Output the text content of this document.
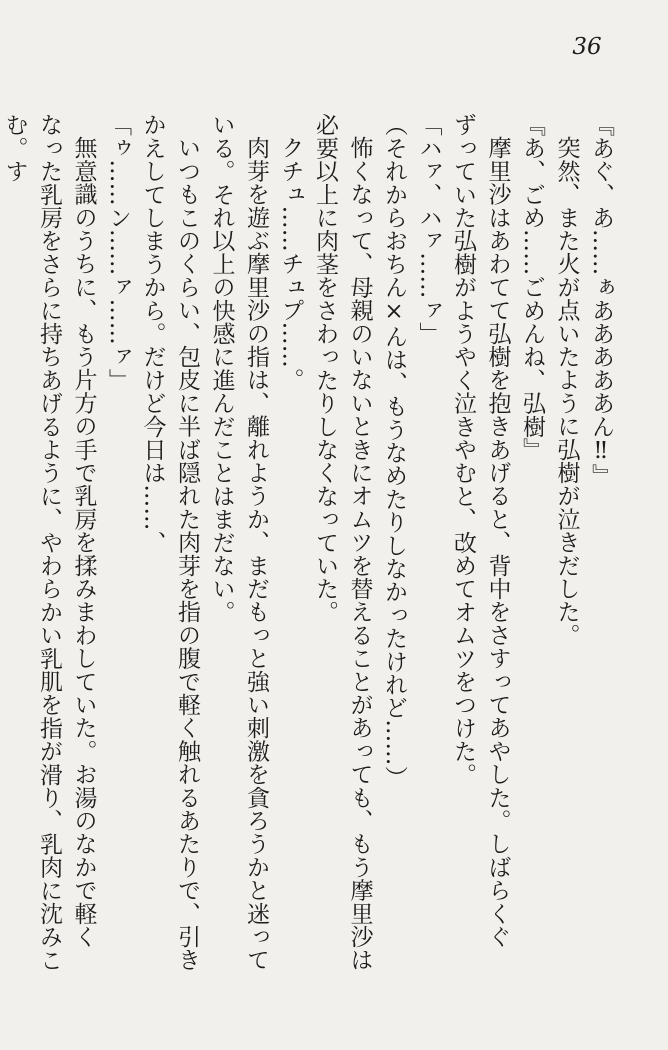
36

『あぐ、あ……ぁあああああん‼』

突然、また火が点いたように弘樹が泣きだした。

『あ、ごめ……ごめんね、弘樹』

摩里沙はあわてて弘樹を抱きあげると、背中をさすってあやした。しばらくぐずっていた弘樹がようやく泣きやむと、改めてオムツをつけた。

「ハァ、ハァ……ァ」

（それからおちん×んは、もうなめたりしなかったけれど……）

怖くなって、母親のいないときにオムツを替えることがあっても、もう摩里沙は必要以上に肉茎をさわったりしなくなっていた。

クチュ……チュプ……。

肉芽を遊ぶ摩里沙の指は、離れようか、まだもっと強い刺激を貪ろうかと迷っている。それ以上の快感に進んだことはまだない。

いつもこのくらい、包皮に半ば隠れた肉芽を指の腹で軽く触れるあたりで、引きかえしてしまうから。だけど今日は……、

「ゥ……ン……ァ……ァ」

無意識のうちに、もう片方の手で乳房を揉みまわしていた。お湯のなかで軽くなった乳房をさらに持ちあげるように、やわらかい乳肌を指が滑り、乳肉に沈みこむ。す
